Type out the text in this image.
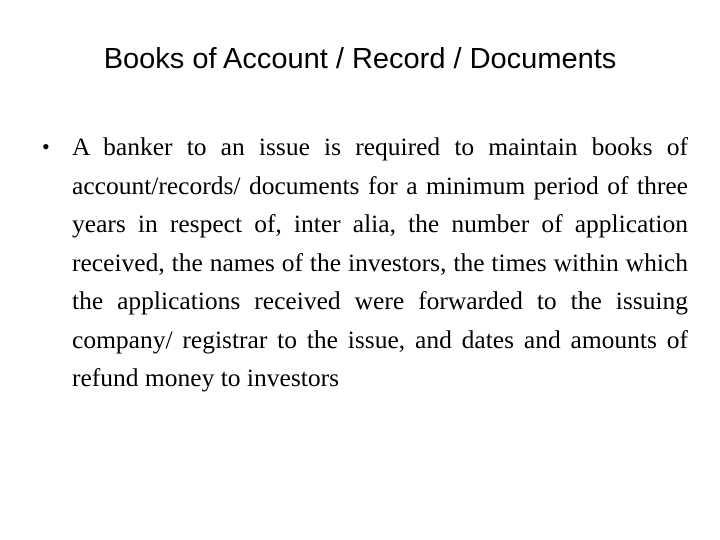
Books of Account / Record / Documents
• A banker to an issue is required to maintain books of account/records/ documents for a minimum period of three years in respect of, inter alia, the number of application received, the names of the investors, the times within which the applications received were forwarded to the issuing company/ registrar to the issue, and dates and amounts of refund money to investors
